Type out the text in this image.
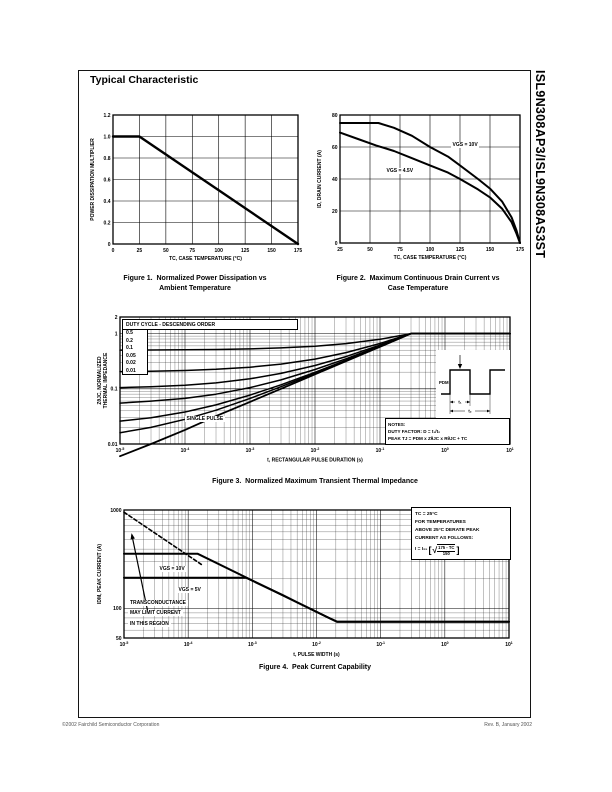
Typical Characteristic	ISL9N308AP3/ISL9N308AS3ST
0	25	50	75	100	125	150	175
0
0.2
0.4
0.6
0.8
1.0
1.2
TC, CASE TEMPERATURE (°C)
POWER DISSIPATION MULTIPLIER
Figure 1.  Normalized Power Dissipation vs
Ambient Temperature
25	50	75	100	125	150	175
0
20
40
60
80
TC, CASE TEMPERATURE (°C)
ID, DRAIN CURRENT (A)
VGS = 10V
VGS = 4.5V
Figure 2.  Maximum Continuous Drain Current vs
Case Temperature
$10^{-5}$	$10^{-4}$	$10^{-3}$	$10^{-2}$	$10^{-1}$	$10^0$	$10^1$
2
1
0.1
0.01
t, RECTANGULAR PULSE DURATION (s)
ZθJC, NORMALIZED THERMAL IMPEDANCE
DUTY CYCLE - DESCENDING ORDER
0.5
0.2
0.1
0.05
0.02
0.01
SINGLE PULSE
NOTES:
DUTY FACTOR: D = t₁/t₂
PEAK TJ = PDM x ZθJC x RθJC + TC
PDM
t₁
t₂
Figure 3.  Normalized Maximum Transient Thermal Impedance
$10^{-5}$	$10^{-4}$	$10^{-3}$	$10^{-2}$	$10^{-1}$	$10^0$	$10^1$
1000
100
50
t, PULSE WIDTH (s)
IDM, PEAK CURRENT (A)
TC = 25°C
FOR TEMPERATURES
ABOVE 25°C DERATE PEAK
CURRENT AS FOLLOWS:
I = I₂₅ [ √ $\frac{175 - TC}{150}$ ]
VGS = 10V
VGS = 5V
TRANSCONDUCTANCE
MAY LIMIT CURRENT
IN THIS REGION
Figure 4.  Peak Current Capability
©2002 Fairchild Semiconductor Corporation	Rev. B, January 2002
